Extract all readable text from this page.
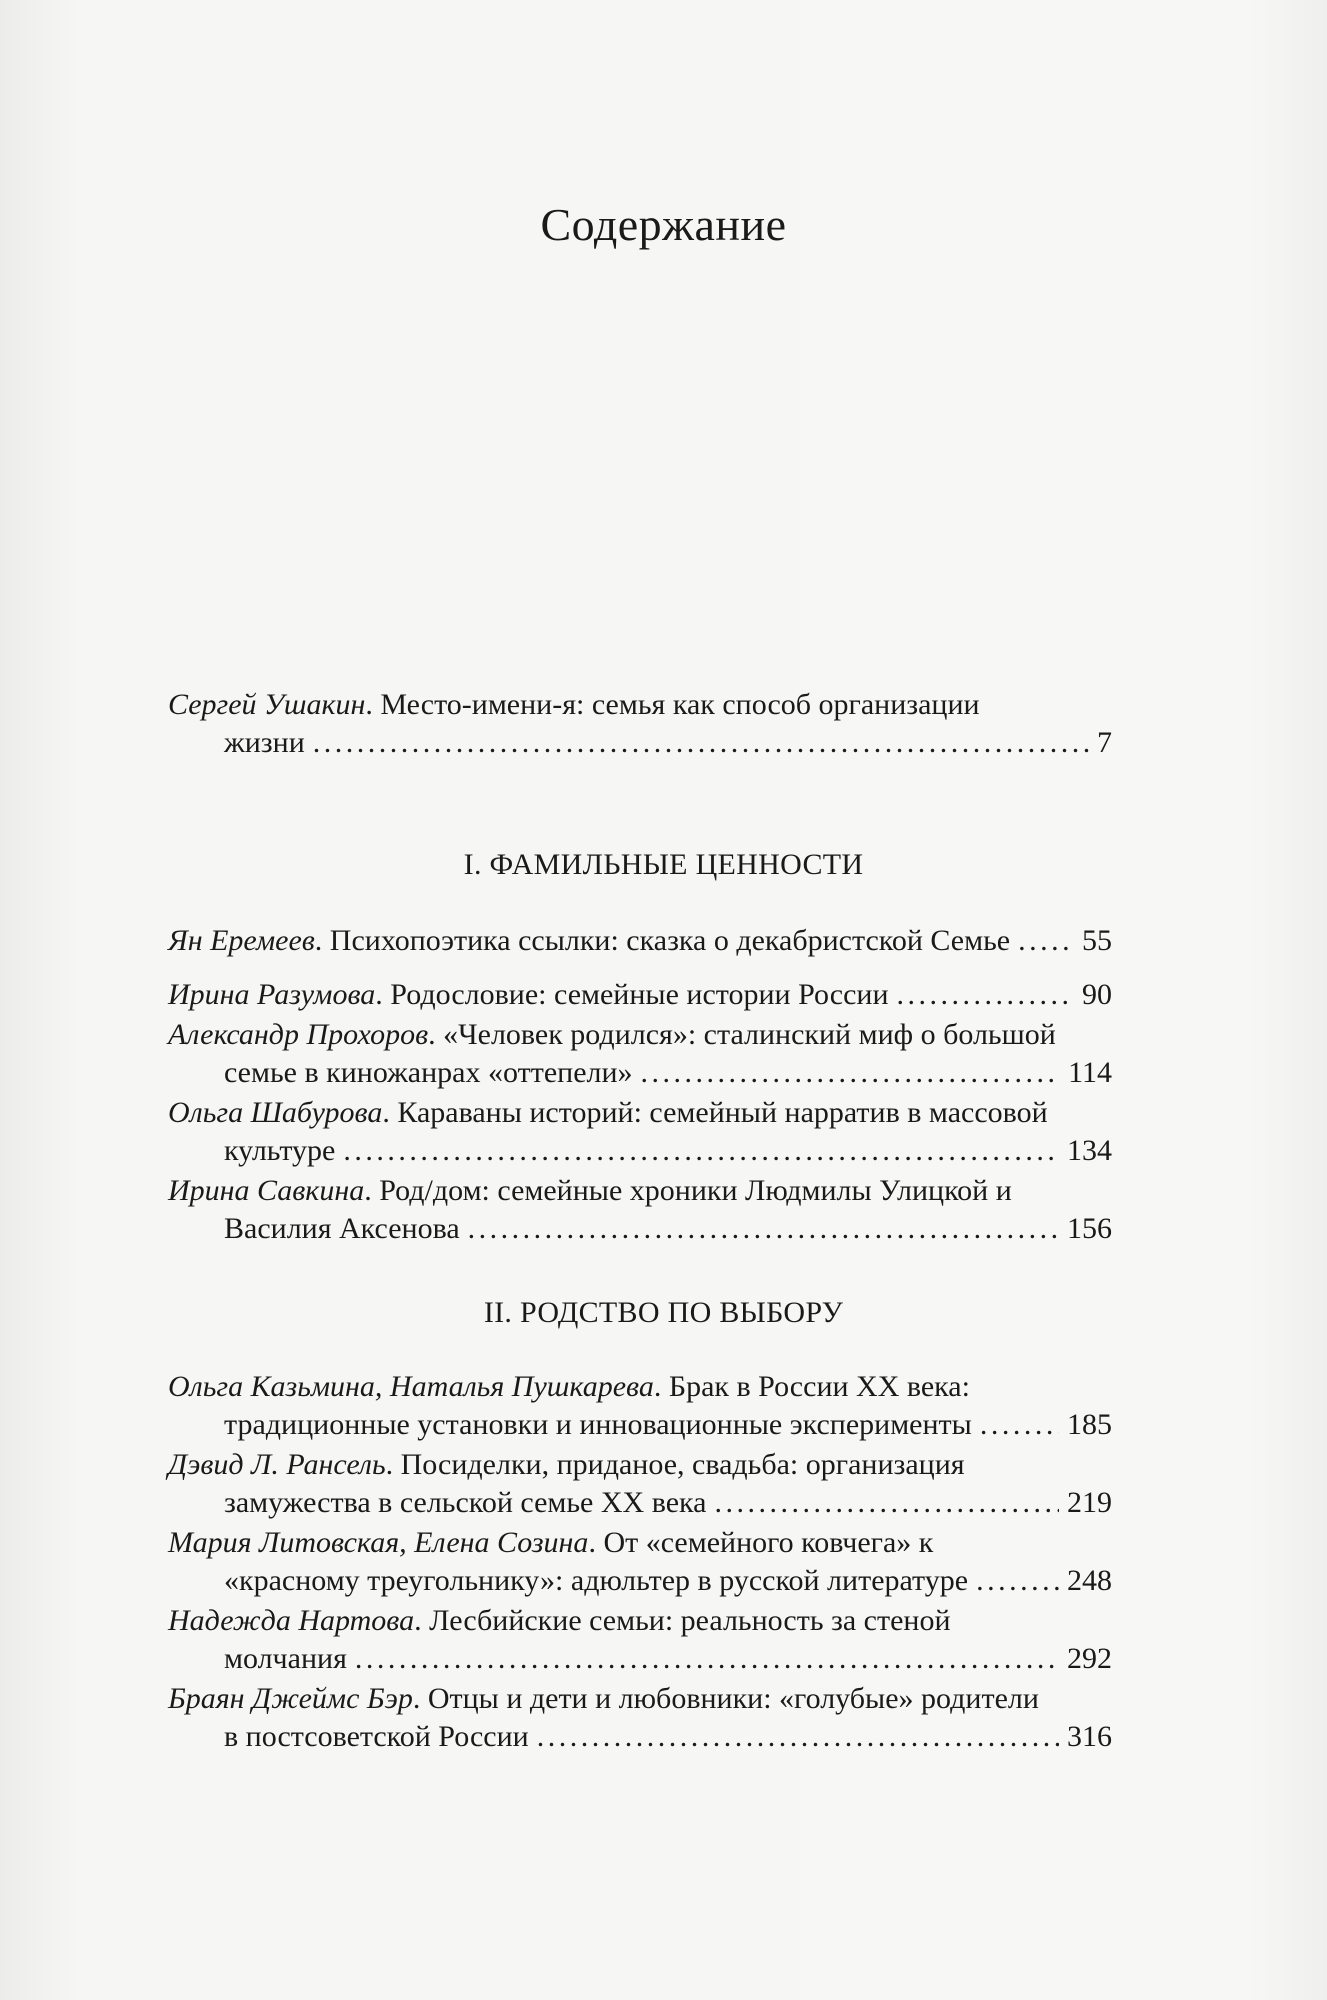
Содержание
Сергей Ушакин. Место-имени-я: семья как способ организации
жизни . . .	7
I. ФАМИЛЬНЫЕ ЦЕННОСТИ
Ян Еремеев . Психопоэтика ссылки: сказка о декабристской Семье . . . 55
Ирина Разумова . Родословие: семейные истории России . . .	90
Александр Прохоров. «Человек родился»: сталинский миф о большой
семье в киножанрах «оттепели» . . .	114
Ольга Шабурова. Караваны историй: семейный нарратив в массовой
культуре . . .	134
Ирина Савкина. Род/дом: семейные хроники Людмилы Улицкой и
Василия Аксенова . . .	156
II. РОДСТВО ПО ВЫБОРУ
Ольга Казьмина, Наталья Пушкарева. Брак в России XX века:
традиционные установки и инновационные эксперименты . . .	185
Дэвид Л. Рансель. Посиделки, приданое, свадьба: организация
замужества в сельской семье XX века . . .	219
Мария Литовская, Елена Созина. От «семейного ковчега» к
«красному треугольнику»: адюльтер в русской литературе . . .	248
Надежда Нартова. Лесбийские семьи: реальность за стеной
молчания . . .	292
Браян Джеймс Бэр. Отцы и дети и любовники: «голубые» родители
в постсоветской России . . .	316
